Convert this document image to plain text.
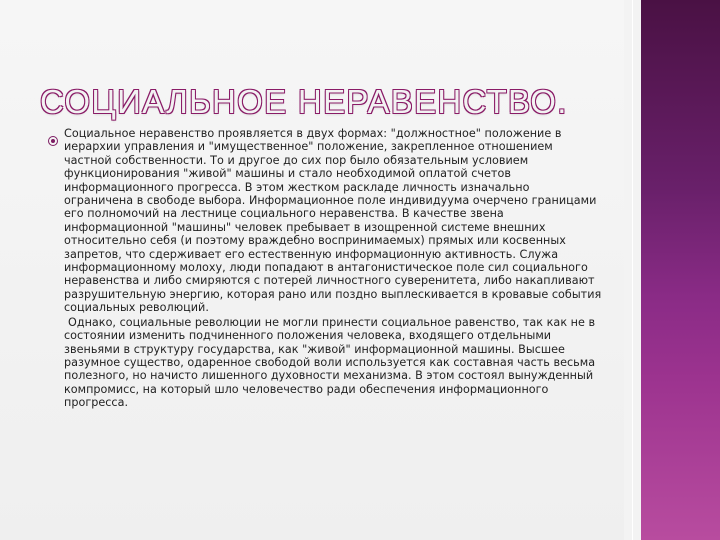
СОЦИАЛЬНОЕ НЕРАВЕНСТВО.

Социальное неравенство проявляется в двух формах: "должностное" положение в иерархии управления и "имущественное" положение, закрепленное отношением частной собственности. То и другое до сих пор было обязательным условием функционирования "живой" машины и стало необходимой оплатой счетов информационного прогресса. В этом жестком раскладе личность изначально ограничена в свободе выбора. Информационное поле индивидуума очерчено границами его полномочий на лестнице социального неравенства. В качестве звена информационной "машины" человек пребывает в изощренной системе внешних относительно себя (и поэтому враждебно воспринимаемых) прямых или косвенных запретов, что сдерживает его естественную информационную активность. Служа информационному молоху, люди попадают в антагонистическое поле сил социального неравенства и либо смиряются с потерей личностного суверенитета, либо накапливают разрушительную энергию, которая рано или поздно выплескивается в кровавые события социальных революций.

Однако, социальные революции не могли принести социальное равенство, так как не в состоянии изменить подчиненного положения человека, входящего отдельными звеньями в структуру государства, как "живой" информационной машины. Высшее разумное существо, одаренное свободой воли используется как составная часть весьма полезного, но начисто лишенного духовности механизма. В этом состоял вынужденный компромисс, на который шло человечество ради обеспечения информационного прогресса.
